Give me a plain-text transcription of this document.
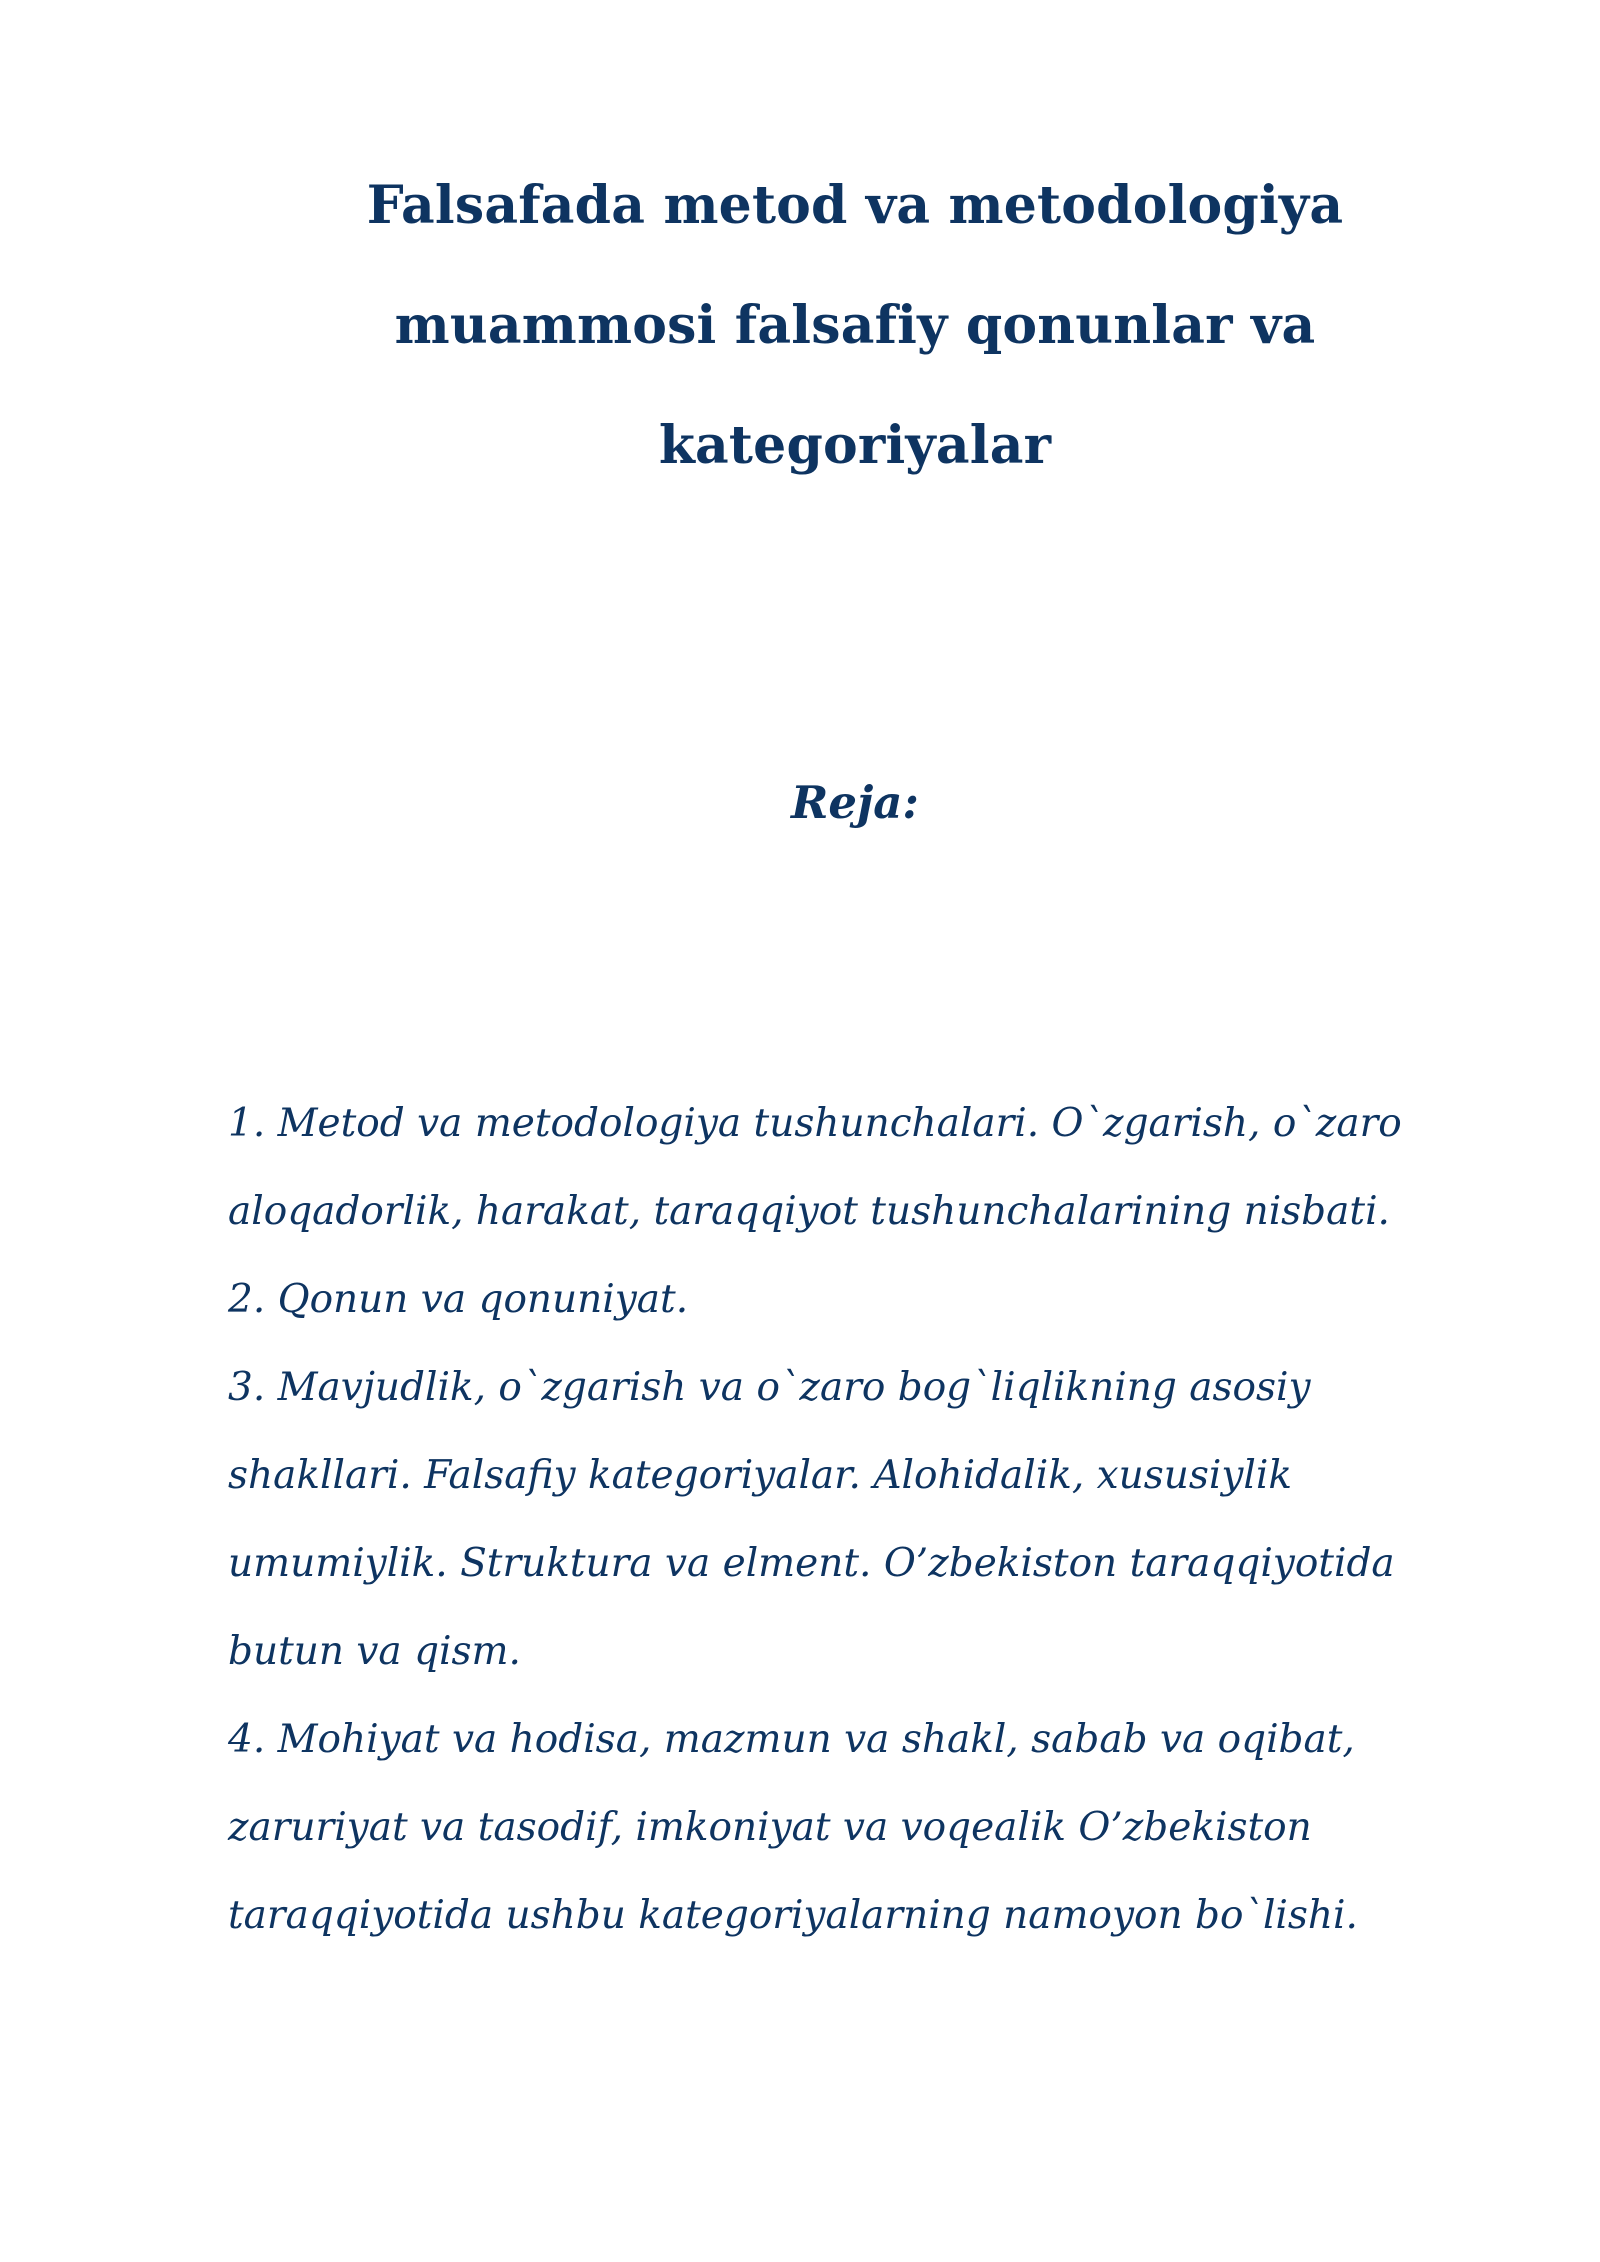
Falsafada metod va metodologiya
muammosi falsafiy qonunlar va
kategoriyalar
Reja:
1. Metod va metodologiya tushunchalari. O`zgarish, o`zaro
aloqadorlik, harakat, taraqqiyot tushunchalarining nisbati.
2. Qonun va qonuniyat.
3. Mavjudlik, o`zgarish va o`zaro bog`liqlikning asosiy
shakllari. Falsafiy kategoriyalar. Alohidalik, xususiylik
umumiylik. Struktura va elment. O’zbekiston taraqqiyotida
butun va qism.
4. Mohiyat va hodisa, mazmun va shakl, sabab va oqibat,
zaruriyat va tasodif, imkoniyat va voqealik O’zbekiston
taraqqiyotida ushbu kategoriyalarning namoyon bo`lishi.
